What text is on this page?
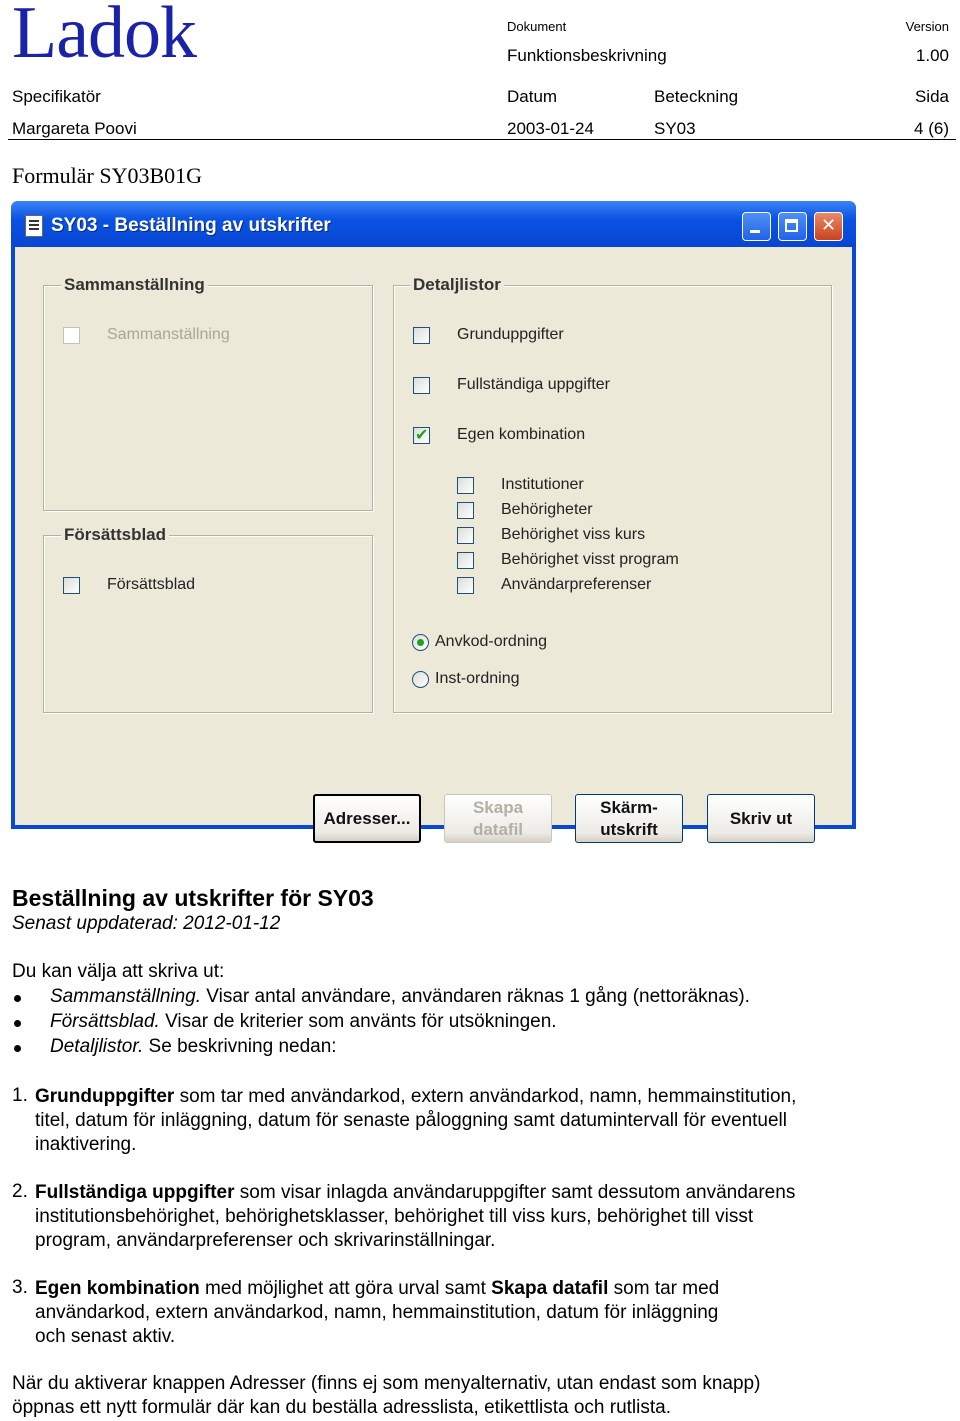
Ladok	Dokument
Funktionsbeskrivning
Version
1.00
Specifikatör	Datum	Beteckning	Sida
Margareta Poovi	2003-01-24	SY03	4 (6)
Formulär SY03B01G
SY03 - Beställning av utskrifter
✕
Sammanställning
Sammanställning
Försättsblad
Försättsblad
Detaljlistor
Grunduppgifter
Fullständiga uppgifter
✔
Egen kombination
Institutioner
Behörigheter
Behörighet viss kurs
Behörighet visst program
Användarpreferenser
Anvkod-ordning
Inst-ordning
Adresser...
Skapa
datafil
Skärm-
utskrift
Skriv ut
Beställning av utskrifter för SY03
Senast uppdaterad: 2012-01-12
Du kan välja att skriva ut:
Sammanställning. Visar antal användare, användaren räknas 1 gång (nettoräknas).
Försättsblad. Visar de kriterier som använts för utsökningen.
Detaljlistor. Se beskrivning nedan:
1. Grunduppgifter som tar med användarkod, extern användarkod, namn, hemmainstitution,
titel, datum för inläggning, datum för senaste påloggning samt datumintervall för eventuell
inaktivering.
2. Fullständiga uppgifter som visar inlagda användaruppgifter samt dessutom användarens
institutionsbehörighet, behörighetsklasser, behörighet till viss kurs, behörighet till visst
program, användarpreferenser och skrivarinställningar.
3. Egen kombination med möjlighet att göra urval samt Skapa datafil som tar med
användarkod, extern användarkod, namn, hemmainstitution, datum för inläggning
och senast aktiv.
När du aktiverar knappen Adresser (finns ej som menyalternativ, utan endast som knapp)
öppnas ett nytt formulär där kan du beställa adresslista, etikettlista och rutlista.
